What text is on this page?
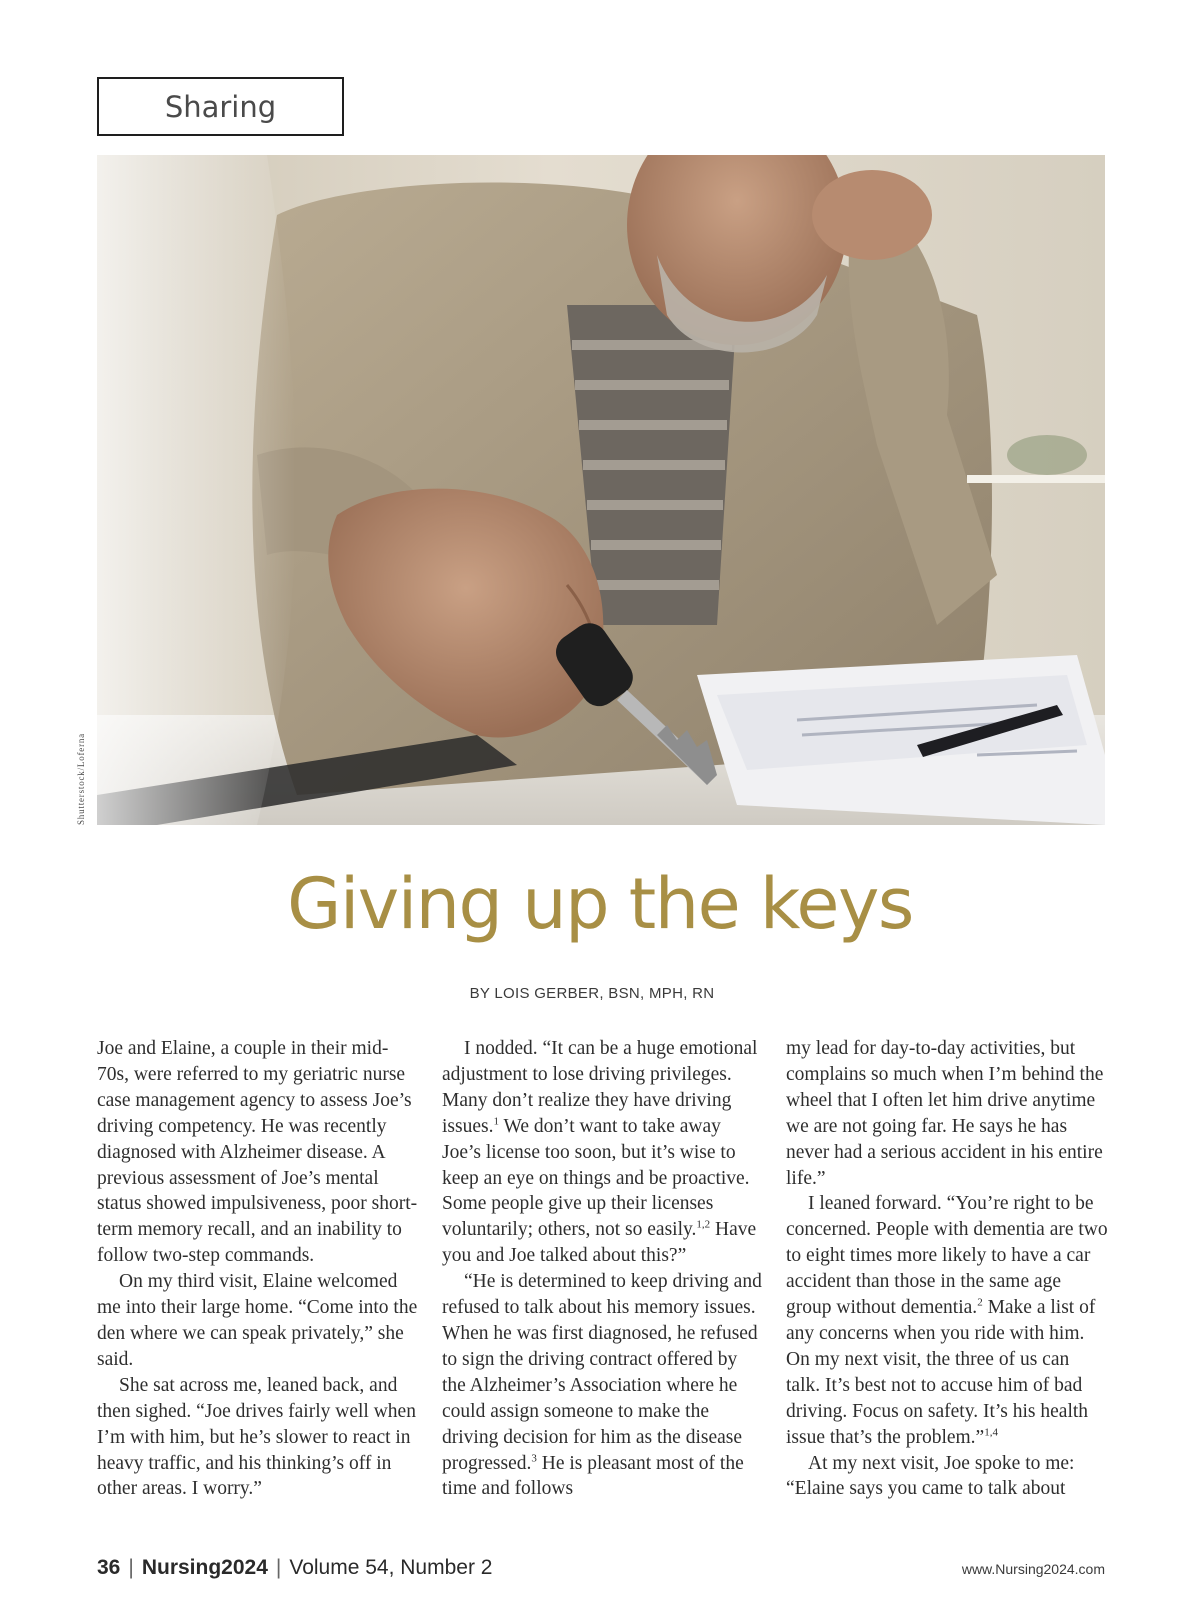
Sharing
Shutterstock/Loferna
Giving up the keys
BY LOIS GERBER, BSN, MPH, RN

Joe and Elaine, a couple in their mid-70s, were referred to my geriatric nurse case management agency to assess Joe’s driving competency. He was recently diagnosed with Alzheimer disease. A previous assessment of Joe’s mental status showed impulsiveness, poor short-term memory recall, and an inability to follow two-step commands.

On my third visit, Elaine welcomed me into their large home. “Come into the den where we can speak privately,” she said.

She sat across me, leaned back, and then sighed. “Joe drives fairly well when I’m with him, but he’s slower to react in heavy traffic, and his thinking’s off in other areas. I worry.”

I nodded. “It can be a huge emotional adjustment to lose driving privileges. Many don’t realize they have driving issues.$^1$ We don’t want to take away Joe’s license too soon, but it’s wise to keep an eye on things and be proactive. Some people give up their licenses voluntarily; others, not so easily.$^{1,2}$ Have you and Joe talked about this?”

“He is determined to keep driving and refused to talk about his memory issues. When he was first diagnosed, he refused to sign the driving contract offered by the Alzheimer’s Association where he could assign someone to make the driving decision for him as the disease progressed.$^3$ He is pleasant most of the time and follows

my lead for day-to-day activities, but complains so much when I’m behind the wheel that I often let him drive anytime we are not going far. He says he has never had a serious accident in his entire life.”

I leaned forward. “You’re right to be concerned. People with dementia are two to eight times more likely to have a car accident than those in the same age group without dementia.$^2$ Make a list of any concerns when you ride with him. On my next visit, the three of us can talk. It’s best not to accuse him of bad driving. Focus on safety. It’s his health issue that’s the problem.”$^{1,4}$

At my next visit, Joe spoke to me: “Elaine says you came to talk about

36 | Nursing2024 | Volume 54, Number 2	www.Nursing2024.com
